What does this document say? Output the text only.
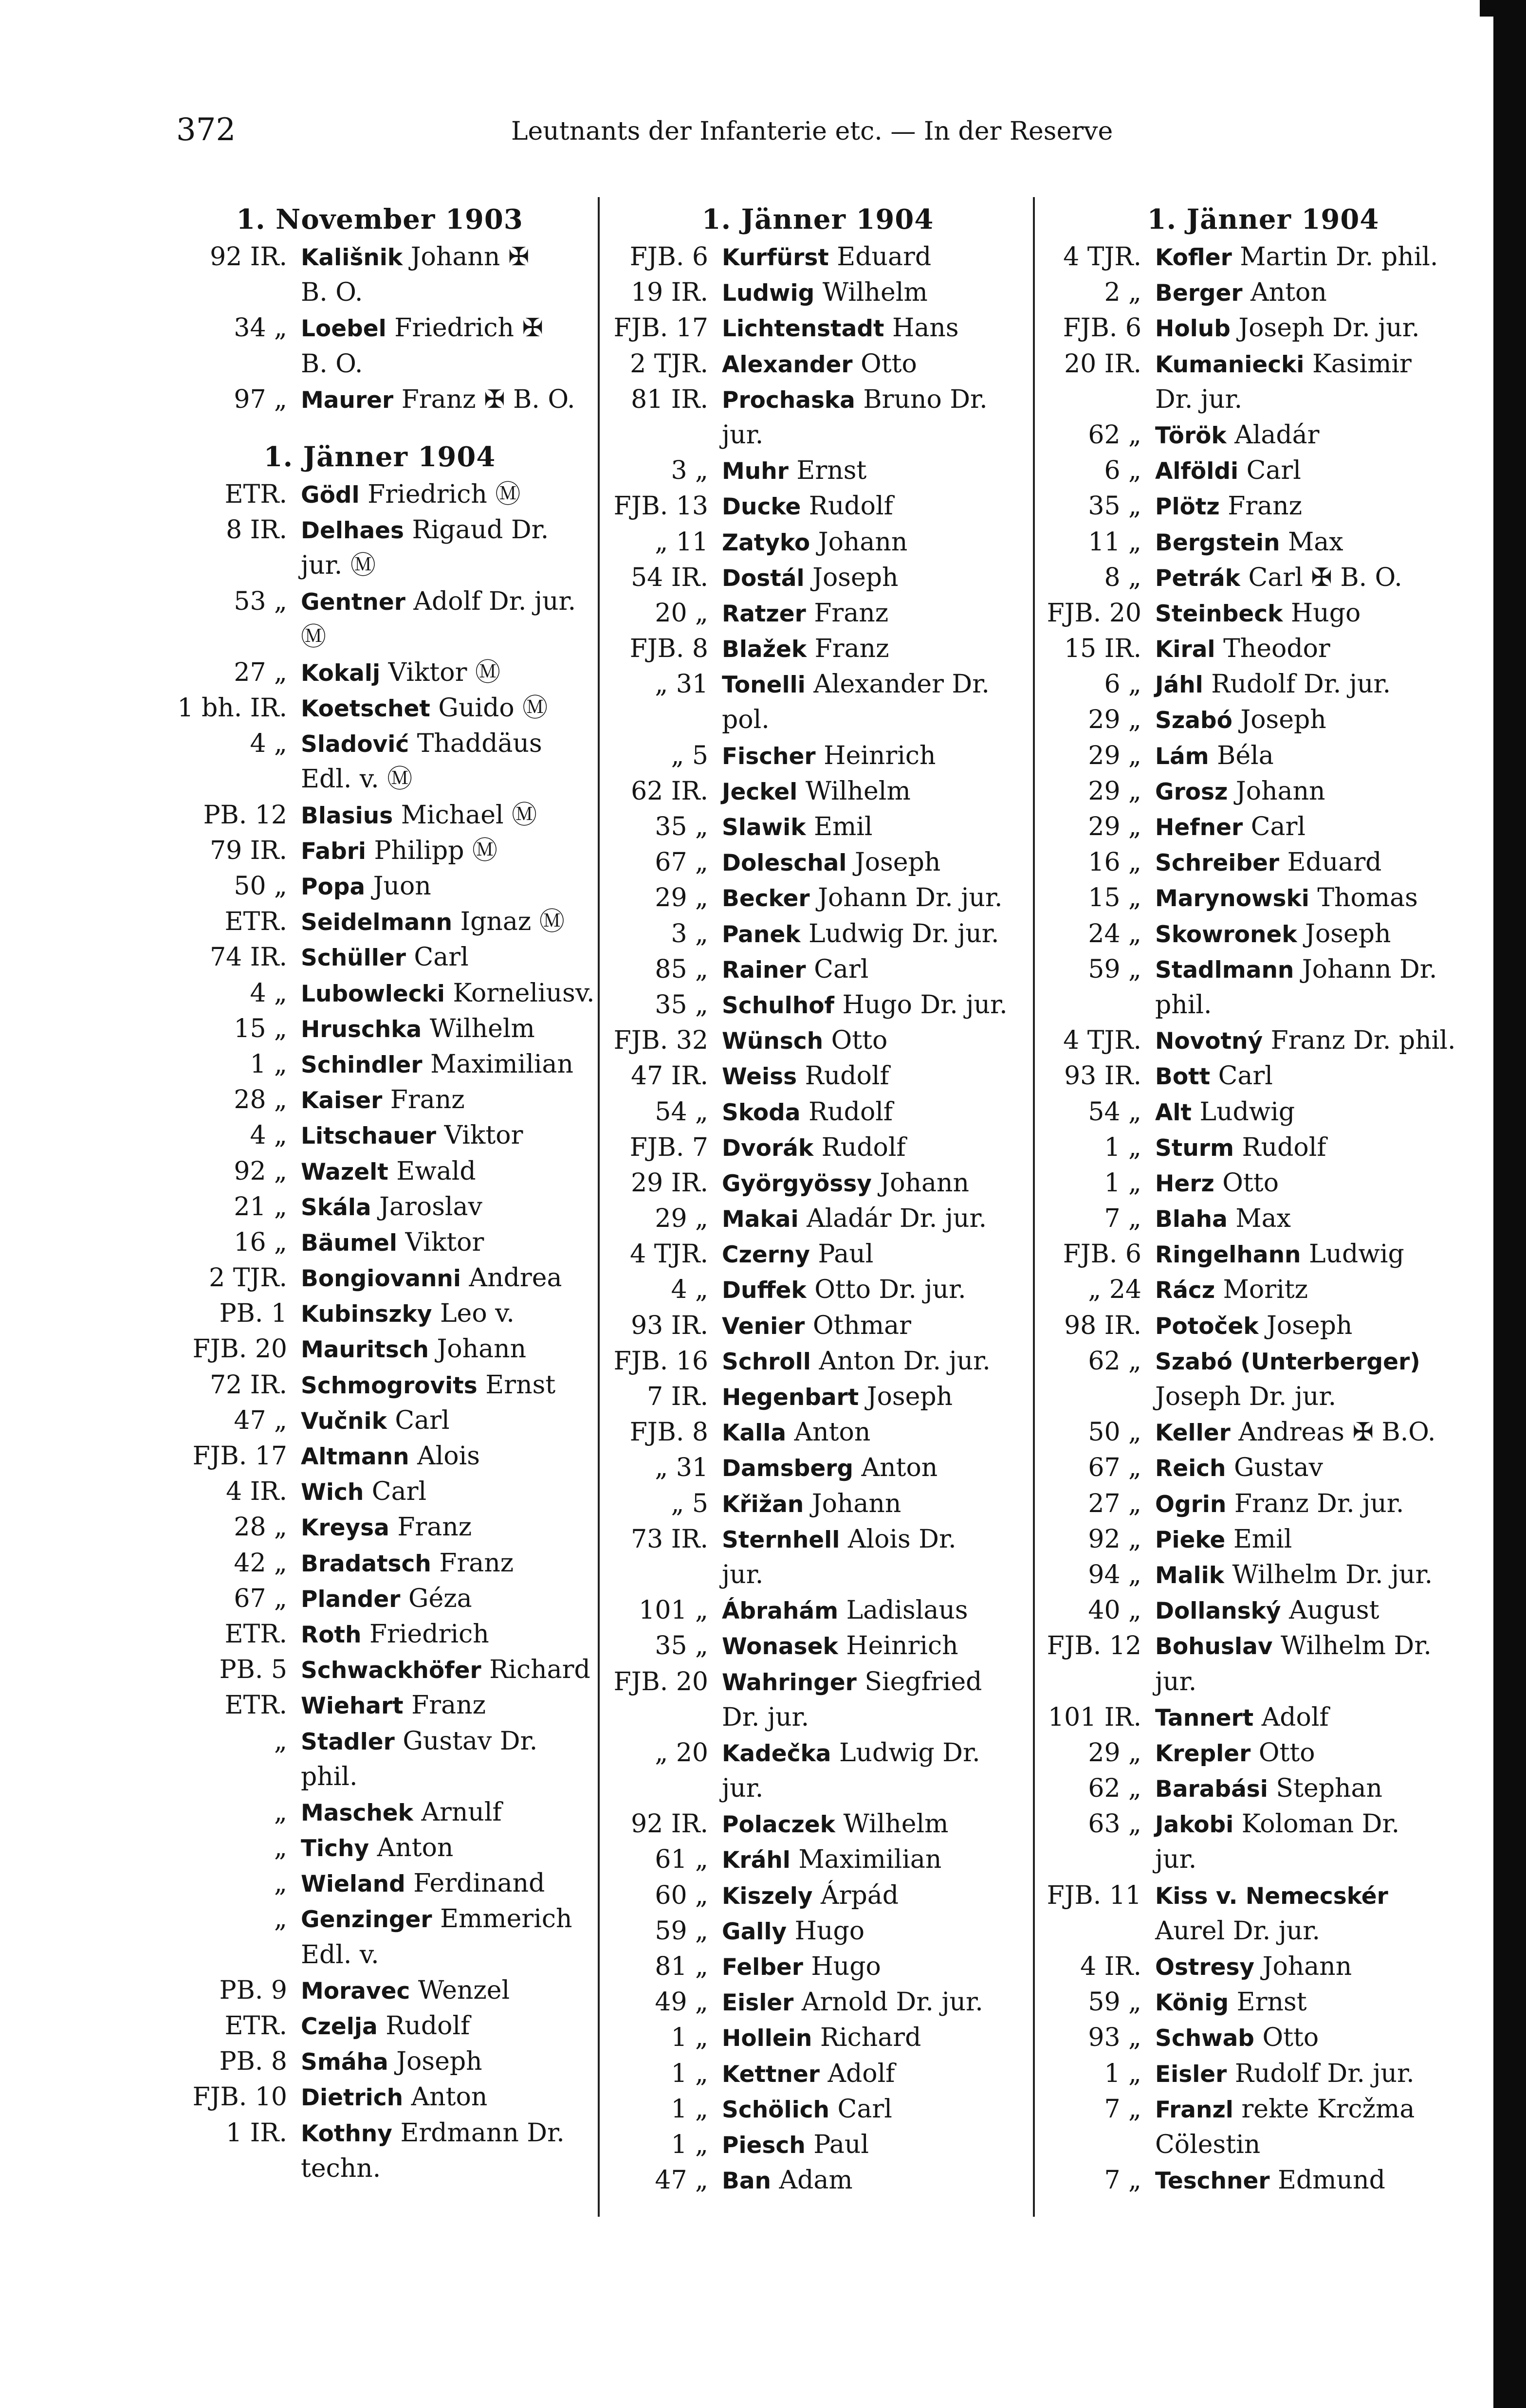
372	Leutnants der Infanterie etc. — In der Reserve
1. November 1903
92 IR. Kališnik Johann ✠
B. O.
34 „ Loebel Friedrich ✠
B. O.
97 „ Maurer Franz ✠ B. O.
1. Jänner 1904
ETR. Gödl Friedrich Ⓜ
8 IR. Delhaes Rigaud Dr.
jur. Ⓜ
53 „ Gentner Adolf Dr. jur.
Ⓜ
27 „ Kokalj Viktor Ⓜ
1 bh. IR. Koetschet Guido Ⓜ
4 „ Sladović Thaddäus
Edl. v. Ⓜ
PB. 12 Blasius Michael Ⓜ
79 IR. Fabri Philipp Ⓜ
50 „ Popa Juon
ETR. Seidelmann Ignaz Ⓜ
74 IR. Schüller Carl
4 „ Lubowlecki Korneliusv.
15 „ Hruschka Wilhelm
1 „ Schindler Maximilian
28 „ Kaiser Franz
4 „ Litschauer Viktor
92 „ Wazelt Ewald
21 „ Skála Jaroslav
16 „ Bäumel Viktor
2 TJR. Bongiovanni Andrea
PB. 1 Kubinszky Leo v.
FJB. 20 Mauritsch Johann
72 IR. Schmogrovits Ernst
47 „ Vučnik Carl
FJB. 17 Altmann Alois
4 IR. Wich Carl
28 „ Kreysa Franz
42 „ Bradatsch Franz
67 „ Plander Géza
ETR. Roth Friedrich
PB. 5 Schwackhöfer Richard
ETR. Wiehart Franz
„ Stadler Gustav Dr.
phil.
„ Maschek Arnulf
„ Tichy Anton
„ Wieland Ferdinand
„ Genzinger Emmerich
Edl. v.
PB. 9 Moravec Wenzel
ETR. Czelja Rudolf
PB. 8 Smáha Joseph
FJB. 10 Dietrich Anton
1 IR. Kothny Erdmann Dr.
techn.
1. Jänner 1904
FJB. 6 Kurfürst Eduard
19 IR. Ludwig Wilhelm
FJB. 17 Lichtenstadt Hans
2 TJR. Alexander Otto
81 IR. Prochaska Bruno Dr.
jur.
3 „ Muhr Ernst
FJB. 13 Ducke Rudolf
„ 11 Zatyko Johann
54 IR. Dostál Joseph
20 „ Ratzer Franz
FJB. 8 Blažek Franz
„ 31 Tonelli Alexander Dr.
pol.
„ 5 Fischer Heinrich
62 IR. Jeckel Wilhelm
35 „ Slawik Emil
67 „ Doleschal Joseph
29 „ Becker Johann Dr. jur.
3 „ Panek Ludwig Dr. jur.
85 „ Rainer Carl
35 „ Schulhof Hugo Dr. jur.
FJB. 32 Wünsch Otto
47 IR. Weiss Rudolf
54 „ Skoda Rudolf
FJB. 7 Dvorák Rudolf
29 IR. Györgyössy Johann
29 „ Makai Aladár Dr. jur.
4 TJR. Czerny Paul
4 „ Duffek Otto Dr. jur.
93 IR. Venier Othmar
FJB. 16 Schroll Anton Dr. jur.
7 IR. Hegenbart Joseph
FJB. 8 Kalla Anton
„ 31 Damsberg Anton
„ 5 Křižan Johann
73 IR. Sternhell Alois Dr.
jur.
101 „ Ábrahám Ladislaus
35 „ Wonasek Heinrich
FJB. 20 Wahringer Siegfried
Dr. jur.
„ 20 Kadečka Ludwig Dr.
jur.
92 IR. Polaczek Wilhelm
61 „ Kráhl Maximilian
60 „ Kiszely Árpád
59 „ Gally Hugo
81 „ Felber Hugo
49 „ Eisler Arnold Dr. jur.
1 „ Hollein Richard
1 „ Kettner Adolf
1 „ Schölich Carl
1 „ Piesch Paul
47 „ Ban Adam
1. Jänner 1904
4 TJR. Kofler Martin Dr. phil.
2 „ Berger Anton
FJB. 6 Holub Joseph Dr. jur.
20 IR. Kumaniecki Kasimir
Dr. jur.
62 „ Török Aladár
6 „ Alföldi Carl
35 „ Plötz Franz
11 „ Bergstein Max
8 „ Petrák Carl ✠ B. O.
FJB. 20 Steinbeck Hugo
15 IR. Kiral Theodor
6 „ Jáhl Rudolf Dr. jur.
29 „ Szabó Joseph
29 „ Lám Béla
29 „ Grosz Johann
29 „ Hefner Carl
16 „ Schreiber Eduard
15 „ Marynowski Thomas
24 „ Skowronek Joseph
59 „ Stadlmann Johann Dr.
phil.
4 TJR. Novotný Franz Dr. phil.
93 IR. Bott Carl
54 „ Alt Ludwig
1 „ Sturm Rudolf
1 „ Herz Otto
7 „ Blaha Max
FJB. 6 Ringelhann Ludwig
„ 24 Rácz Moritz
98 IR. Potoček Joseph
62 „ Szabó (Unterberger)
Joseph Dr. jur.
50 „ Keller Andreas ✠ B.O.
67 „ Reich Gustav
27 „ Ogrin Franz Dr. jur.
92 „ Pieke Emil
94 „ Malik Wilhelm Dr. jur.
40 „ Dollanský August
FJB. 12 Bohuslav Wilhelm Dr.
jur.
101 IR. Tannert Adolf
29 „ Krepler Otto
62 „ Barabási Stephan
63 „ Jakobi Koloman Dr.
jur.
FJB. 11 Kiss v. Nemecskér
Aurel Dr. jur.
4 IR. Ostresy Johann
59 „ König Ernst
93 „ Schwab Otto
1 „ Eisler Rudolf Dr. jur.
7 „ Franzl rekte Krcžma
Cölestin
7 „ Teschner Edmund
